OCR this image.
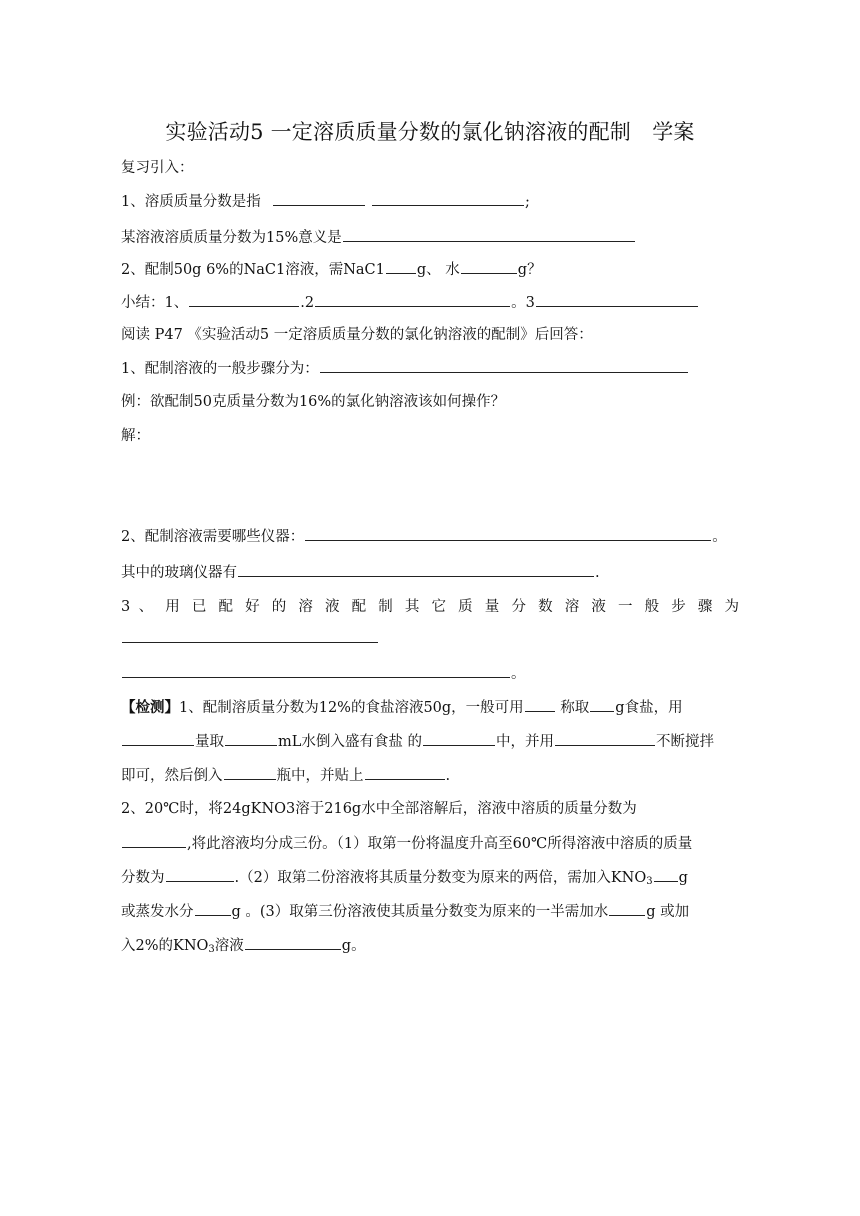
实验活动5 一定溶质质量分数的氯化钠溶液的配制　学案
复习引入：
1、溶质质量分数是指	;
某溶液溶质质量分数为15%意义是
2、配制50g 6%的NaC1溶液，需NaC1 g、 水	g？
小结：1、	.2	。3
阅读 P47 《实验活动5 一定溶质质量分数的氯化钠溶液的配制》后回答：
1、配制溶液的一般步骤分为：
例：欲配制50克质量分数为16%的氯化钠溶液该如何操作？
解：
2、配制溶液需要哪些仪器：	。
其中的玻璃仪器有	.
3 、 用 已 配 好 的 溶 液 配 制 其 它 质 量 分 数 溶 液 一 般 步 骤 为
。
【检测】1、配制溶质量分数为12%的食盐溶液50g，一般可用	称取 g食盐，用
量取	mL水倒入盛有食盐 的	中，并用	不断搅拌
即可，然后倒入	瓶中，并贴上	.
2、20℃时，将24gKNO3溶于216g水中全部溶解后，溶液中溶质的质量分数为
,将此溶液均分成三份。（1）取第一份将温度升高至60℃所得溶液中溶质的质量
分数为	.（2）取第二份溶液将其质量分数变为原来的两倍，需加入$KNO_3$ g
或蒸发水分	g 。(3）取第三份溶液使其质量分数变为原来的一半需加水	g 或加
入2%的$KNO_3$溶液	g。
